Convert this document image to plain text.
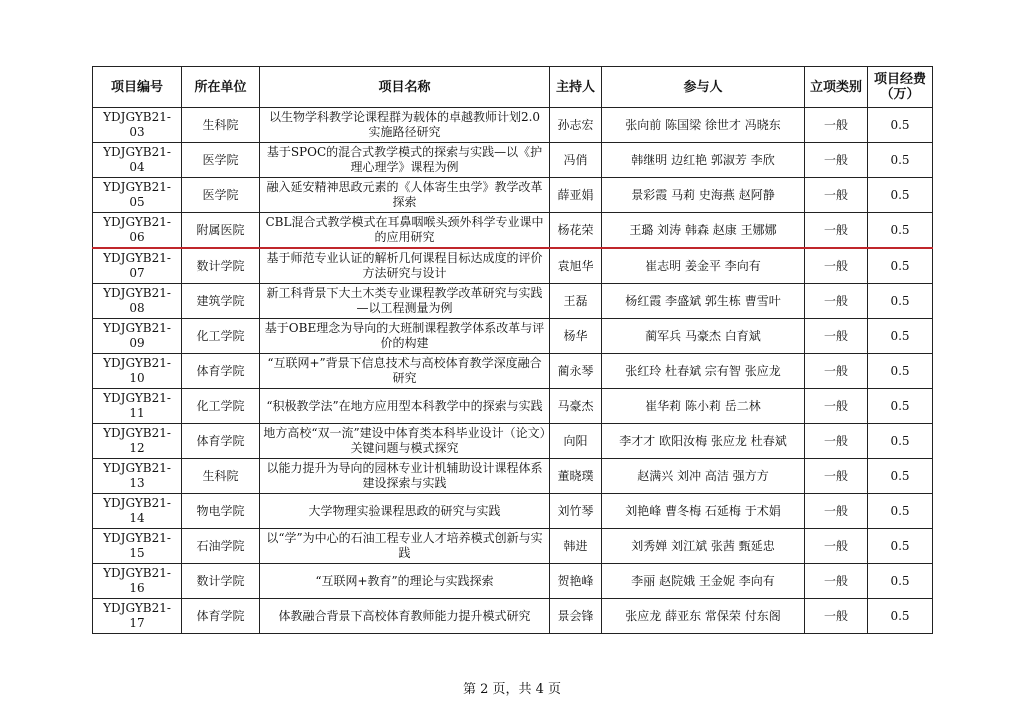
项目编号	所在单位	项目名称	主持人	参与人	立项类别	项目经费（万）
YDJGYB21-03	生科院	以生物学科教学论课程群为载体的卓越教师计划2.0实施路径研究	孙志宏	张向前 陈国梁 徐世才 冯晓东	一般	0.5
YDJGYB21-04	医学院	基于SPOC的混合式教学模式的探索与实践—以《护理心理学》课程为例	冯俏	韩继明 边红艳 郭淑芳 李欣	一般	0.5
YDJGYB21-05	医学院	融入延安精神思政元素的《人体寄生虫学》教学改革探索	薛亚娟	景彩霞 马莉 史海燕 赵阿静	一般	0.5
YDJGYB21-06	附属医院	CBL混合式教学模式在耳鼻咽喉头颈外科学专业课中的应用研究	杨花荣	王璐 刘涛 韩森 赵康 王娜娜	一般	0.5
YDJGYB21-07	数计学院	基于师范专业认证的解析几何课程目标达成度的评价方法研究与设计	袁旭华	崔志明 姜金平 李向有	一般	0.5
YDJGYB21-08	建筑学院	新工科背景下大土木类专业课程教学改革研究与实践—以工程测量为例	王磊	杨红霞 李盛斌 郭生栋 曹雪叶	一般	0.5
YDJGYB21-09	化工学院	基于OBE理念为导向的大班制课程教学体系改革与评价的构建	杨华	蔺军兵 马豪杰 白育斌	一般	0.5
YDJGYB21-10	体育学院	“互联网+”背景下信息技术与高校体育教学深度融合研究	蔺永琴	张红玲 杜春斌 宗有智 张应龙	一般	0.5
YDJGYB21-11	化工学院	“积极教学法”在地方应用型本科教学中的探索与实践	马豪杰	崔华莉 陈小莉 岳二林	一般	0.5
YDJGYB21-12	体育学院	地方高校“双一流”建设中体育类本科毕业设计（论文）关键问题与模式探究	向阳	李才才 欧阳汝梅 张应龙 杜春斌	一般	0.5
YDJGYB21-13	生科院	以能力提升为导向的园林专业计机辅助设计课程体系建设探索与实践	董晓璞	赵满兴 刘冲 高洁 强方方	一般	0.5
YDJGYB21-14	物电学院	大学物理实验课程思政的研究与实践	刘竹琴	刘艳峰 曹冬梅 石延梅 于术娟	一般	0.5
YDJGYB21-15	石油学院	以“学”为中心的石油工程专业人才培养模式创新与实践	韩进	刘秀婵 刘江斌 张茜 甄延忠	一般	0.5
YDJGYB21-16	数计学院	“互联网+教育”的理论与实践探索	贺艳峰	李丽 赵院娥 王金妮 李向有	一般	0.5
YDJGYB21-17	体育学院	体教融合背景下高校体育教师能力提升模式研究	景会锋	张应龙 薛亚东 常保荣 付东阁	一般	0.5
第 2 页，共 4 页
